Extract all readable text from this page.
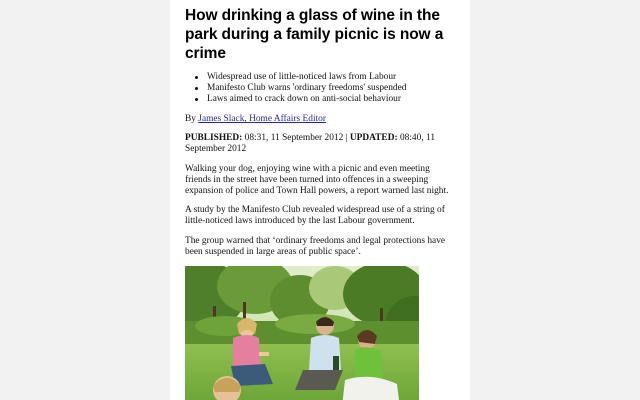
How drinking a glass of wine in the park during a family picnic is now a crime
Widespread use of little-noticed laws from Labour
Manifesto Club warns 'ordinary freedoms' suspended
Laws aimed to crack down on anti-social behaviour

By James Slack, Home Affairs Editor

PUBLISHED: 08:31, 11 September 2012 | UPDATED: 08:40, 11 September 2012

Walking your dog, enjoying wine with a picnic and even meeting friends in the street have been turned into offences in a sweeping expansion of police and Town Hall powers, a report warned last night.

A study by the Manifesto Club revealed widespread use of a string of little-noticed laws introduced by the last Labour government.

The group warned that ‘ordinary freedoms and legal protections have been suspended in large areas of public space’.
